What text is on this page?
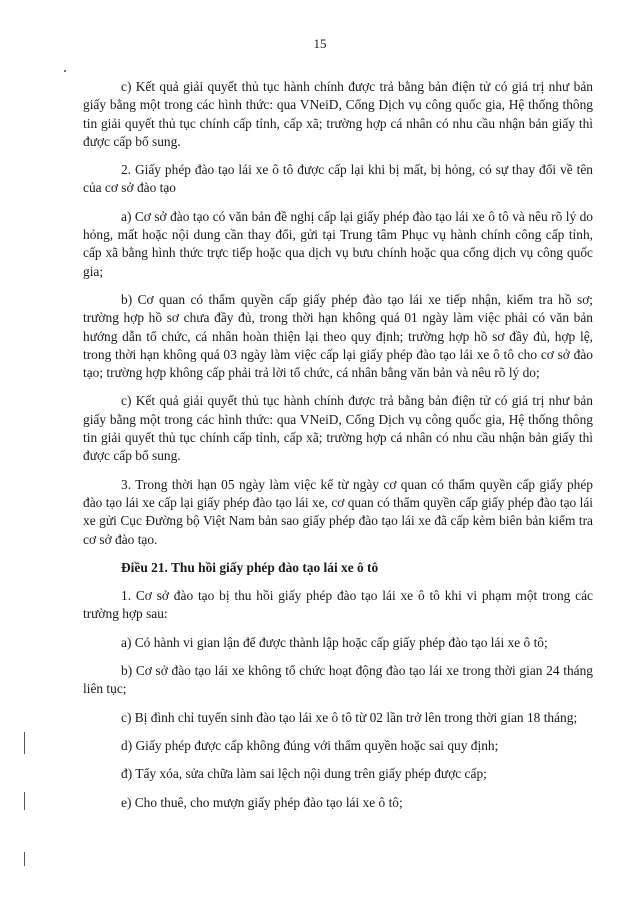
15

c) Kết quả giải quyết thủ tục hành chính được trả bằng bản điện tử có giá trị như bản giấy bằng một trong các hình thức: qua VNeiD, Cổng Dịch vụ công quốc gia, Hệ thống thông tin giải quyết thủ tục chính cấp tỉnh, cấp xã; trường hợp cá nhân có nhu cầu nhận bản giấy thì được cấp bổ sung.

2. Giấy phép đào tạo lái xe ô tô được cấp lại khi bị mất, bị hỏng, có sự thay đổi về tên của cơ sở đào tạo

a) Cơ sở đào tạo có văn bản đề nghị cấp lại giấy phép đào tạo lái xe ô tô và nêu rõ lý do hỏng, mất hoặc nội dung cần thay đổi, gửi tại Trung tâm Phục vụ hành chính công cấp tỉnh, cấp xã bằng hình thức trực tiếp hoặc qua dịch vụ bưu chính hoặc qua cổng dịch vụ công quốc gia;

b) Cơ quan có thẩm quyền cấp giấy phép đào tạo lái xe tiếp nhận, kiểm tra hồ sơ; trường hợp hồ sơ chưa đầy đủ, trong thời hạn không quá 01 ngày làm việc phải có văn bản hướng dẫn tổ chức, cá nhân hoàn thiện lại theo quy định; trường hợp hồ sơ đầy đủ, hợp lệ, trong thời hạn không quá 03 ngày làm việc cấp lại giấy phép đào tạo lái xe ô tô cho cơ sở đào tạo; trường hợp không cấp phải trả lời tổ chức, cá nhân bằng văn bản và nêu rõ lý do;

c) Kết quả giải quyết thủ tục hành chính được trả bằng bản điện tử có giá trị như bản giấy bằng một trong các hình thức: qua VNeiD, Cổng Dịch vụ công quốc gia, Hệ thống thông tin giải quyết thủ tục chính cấp tỉnh, cấp xã; trường hợp cá nhân có nhu cầu nhận bản giấy thì được cấp bổ sung.

3. Trong thời hạn 05 ngày làm việc kể từ ngày cơ quan có thẩm quyền cấp giấy phép đào tạo lái xe cấp lại giấy phép đào tạo lái xe, cơ quan có thẩm quyền cấp giấy phép đào tạo lái xe gửi Cục Đường bộ Việt Nam bản sao giấy phép đào tạo lái xe đã cấp kèm biên bản kiểm tra cơ sở đào tạo.

Điều 21. Thu hồi giấy phép đào tạo lái xe ô tô

1. Cơ sở đào tạo bị thu hồi giấy phép đào tạo lái xe ô tô khi vi phạm một trong các trường hợp sau:

a) Có hành vi gian lận để được thành lập hoặc cấp giấy phép đào tạo lái xe ô tô;

b) Cơ sở đào tạo lái xe không tổ chức hoạt động đào tạo lái xe trong thời gian 24 tháng liên tục;

c) Bị đình chỉ tuyển sinh đào tạo lái xe ô tô từ 02 lần trở lên trong thời gian 18 tháng;

d) Giấy phép được cấp không đúng với thẩm quyền hoặc sai quy định;

đ) Tẩy xóa, sửa chữa làm sai lệch nội dung trên giấy phép được cấp;

e) Cho thuê, cho mượn giấy phép đào tạo lái xe ô tô;
